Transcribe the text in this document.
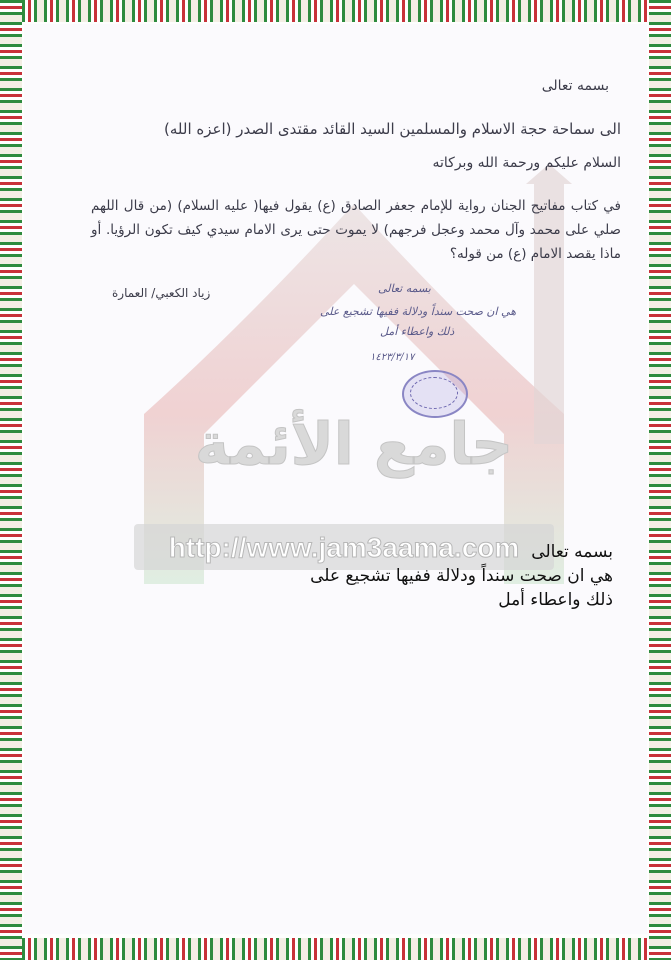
http://www.jam3aama.com
جامع الأئمة
بسمه تعالى
الى سماحة حجة الاسلام والمسلمين السيد القائد مقتدى الصدر (اعزه الله)
السلام عليكم ورحمة الله وبركاته
في كتاب مفاتيح الجنان رواية للإمام جعفر الصادق (ع) يقول فيها( عليه السلام) (من قال اللهم صلي على محمد وآل محمد وعجل فرجهم) لا يموت حتى يرى الامام سيدي كيف تكون الرؤيا. أو ماذا يقصد الامام (ع) من قوله؟
زياد الكعبي/ العمارة	بسمه تعالى
هي ان صحت سنداً ودلالة ففيها تشجيع على
ذلك واعطاء أمل
١٤٢٣/٣/١٧
بسمه تعالى
هي ان صحت سنداً ودلالة ففيها تشجيع على
ذلك واعطاء أمل
